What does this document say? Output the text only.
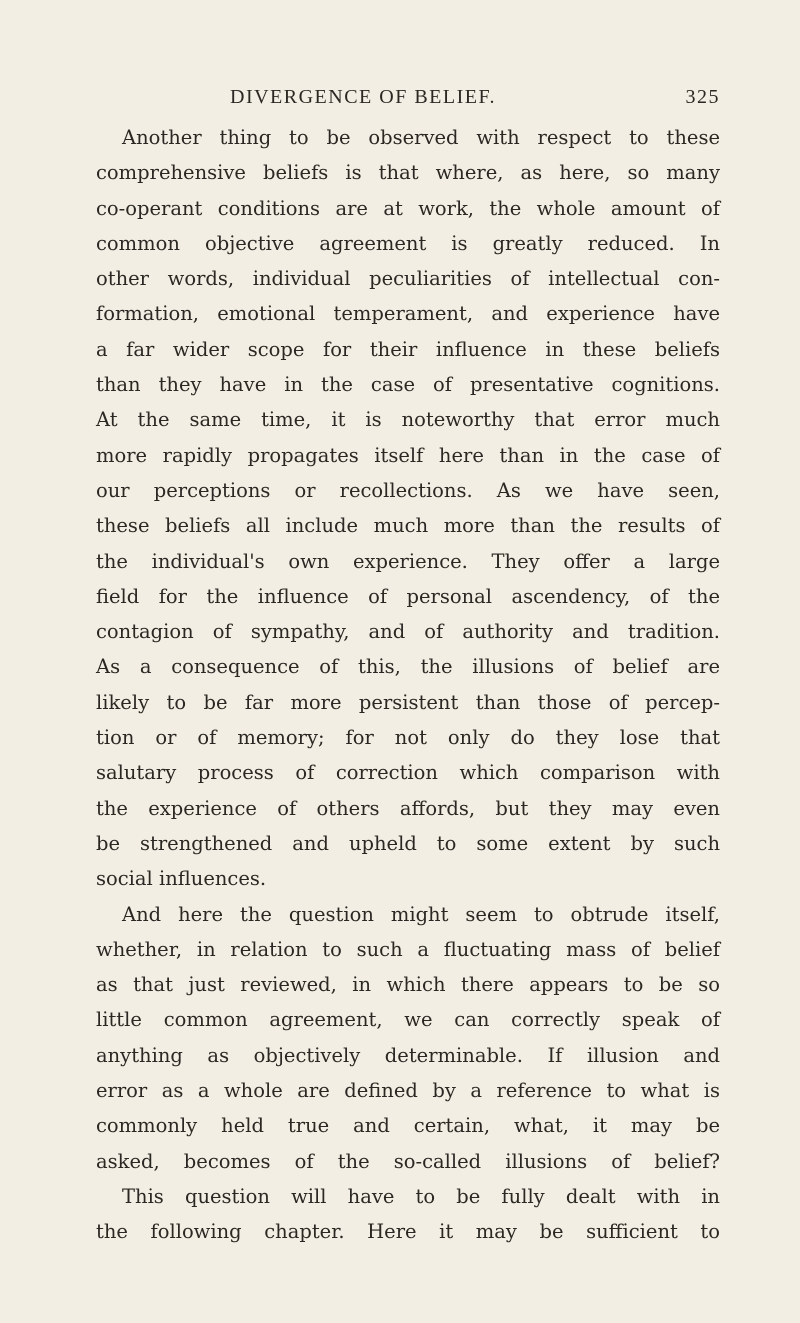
DIVERGENCE OF BELIEF.	325
Another thing to be observed with respect to these
comprehensive beliefs is that where, as here, so many
co-operant conditions are at work, the whole amount of
common objective agreement is greatly reduced. In
other words, individual peculiarities of intellectual con-
formation, emotional temperament, and experience have
a far wider scope for their influence in these beliefs
than they have in the case of presentative cognitions.
At the same time, it is noteworthy that error much
more rapidly propagates itself here than in the case of
our perceptions or recollections. As we have seen,
these beliefs all include much more than the results of
the individual's own experience. They offer a large
field for the influence of personal ascendency, of the
contagion of sympathy, and of authority and tradition.
As a consequence of this, the illusions of belief are
likely to be far more persistent than those of percep-
tion or of memory; for not only do they lose that
salutary process of correction which comparison with
the experience of others affords, but they may even
be strengthened and upheld to some extent by such
social influences.
And here the question might seem to obtrude itself,
whether, in relation to such a fluctuating mass of belief
as that just reviewed, in which there appears to be so
little common agreement, we can correctly speak of
anything as objectively determinable. If illusion and
error as a whole are defined by a reference to what is
commonly held true and certain, what, it may be
asked, becomes of the so-called illusions of belief?
This question will have to be fully dealt with in
the following chapter. Here it may be sufficient to
